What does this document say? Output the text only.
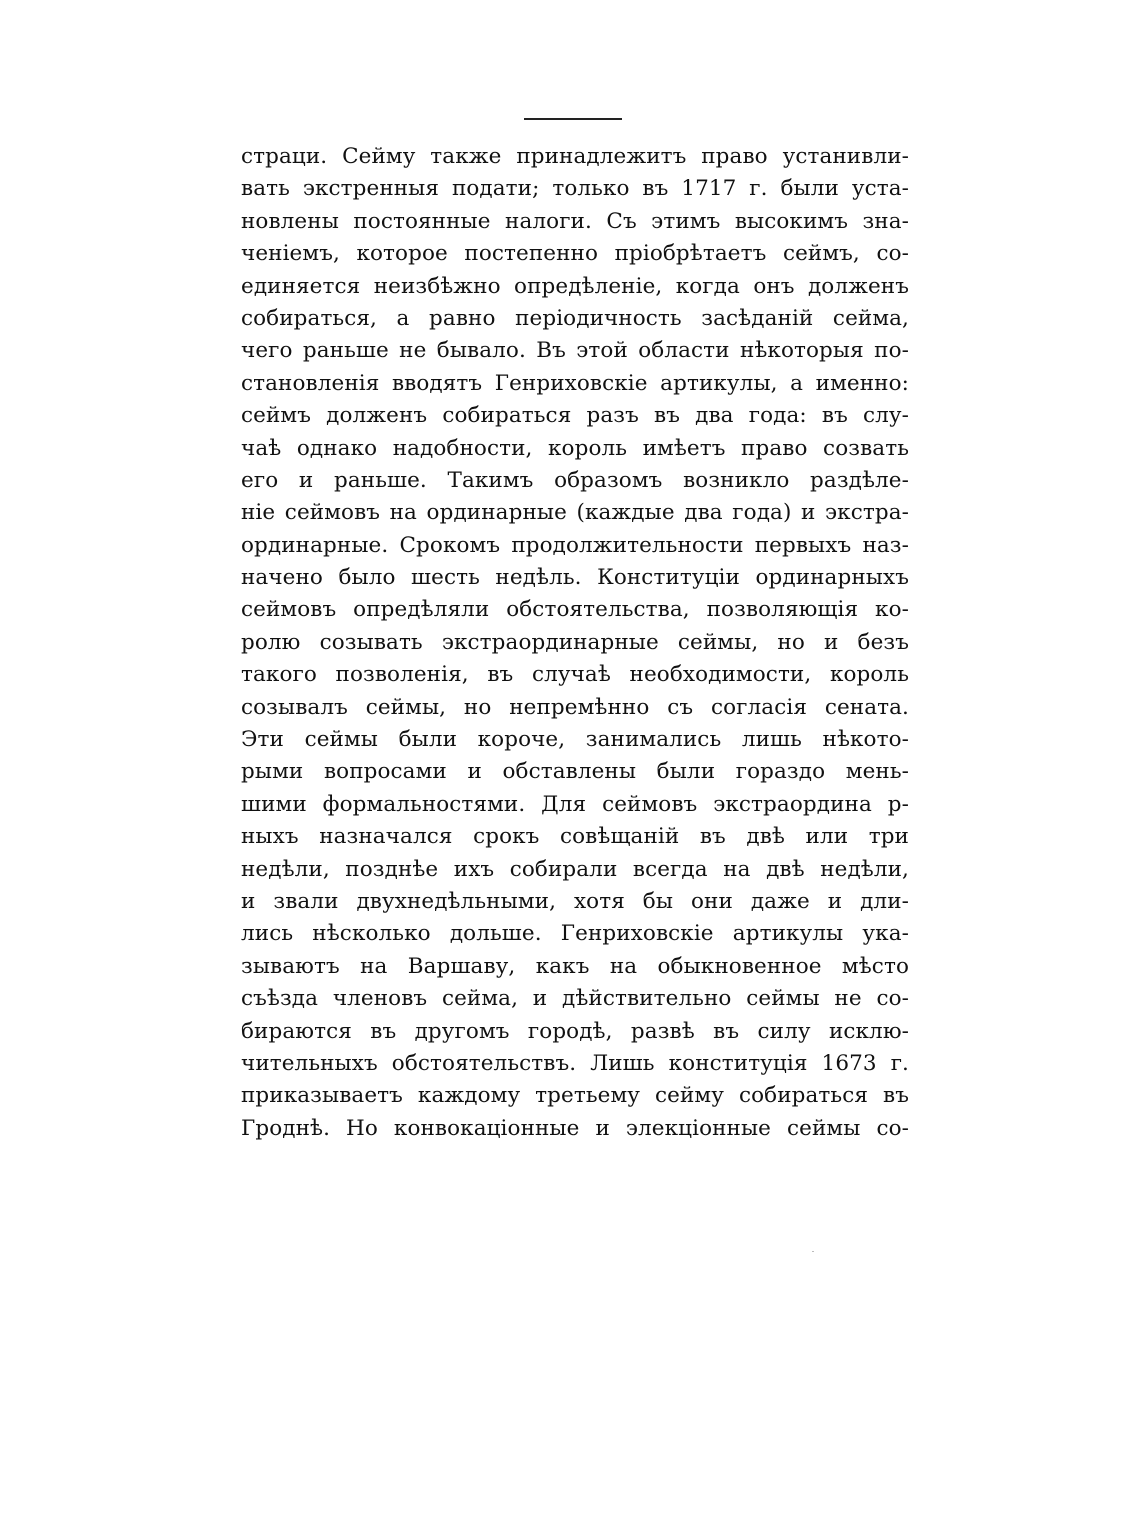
страци. Сейму также принадлежитъ право устанивли-
вать экстренныя подати; только въ 1717 г. были уста-
новлены постоянные налоги. Съ этимъ высокимъ зна-
ченіемъ, которое постепенно пріобрѣтаетъ сеймъ, со-
единяется неизбѣжно опредѣленіе, когда онъ долженъ
собираться, а равно періодичность засѣданій сейма,
чего раньше не бывало. Въ этой области нѣкоторыя по-
становленія вводятъ Генриховскіе артикулы, а именно:
сеймъ долженъ собираться разъ въ два года: въ слу-
чаѣ однако надобности, король имѣетъ право созвать
его и раньше. Такимъ образомъ возникло раздѣле-
ніе сеймовъ на ординарные (каждые два года) и экстра-
ординарные. Срокомъ продолжительности первыхъ наз-
начено было шесть недѣль. Конституціи ординарныхъ
сеймовъ опредѣляли обстоятельства, позволяющія ко-
ролю созывать экстраординарные сеймы, но и безъ
такого позволенія, въ случаѣ необходимости, король
созывалъ сеймы, но непремѣнно съ согласія сената.
Эти сеймы были короче, занимались лишь нѣкото-
рыми вопросами и обставлены были гораздо мень-
шими формальностями. Для сеймовъ экстраордина р-
ныхъ назначался срокъ совѣщаній въ двѣ или три
недѣли, позднѣе ихъ собирали всегда на двѣ недѣли,
и звали двухнедѣльными, хотя бы они даже и дли-
лись нѣсколько дольше. Генриховскіе артикулы ука-
зываютъ на Варшаву, какъ на обыкновенное мѣсто
съѣзда членовъ сейма, и дѣйствительно сеймы не со-
бираются въ другомъ городѣ, развѣ въ силу исклю-
чительныхъ обстоятельствъ. Лишь конституція 1673 г.
приказываетъ каждому третьему сейму собираться въ
Гроднѣ. Но конвокаціонные и элекціонные сеймы со-
